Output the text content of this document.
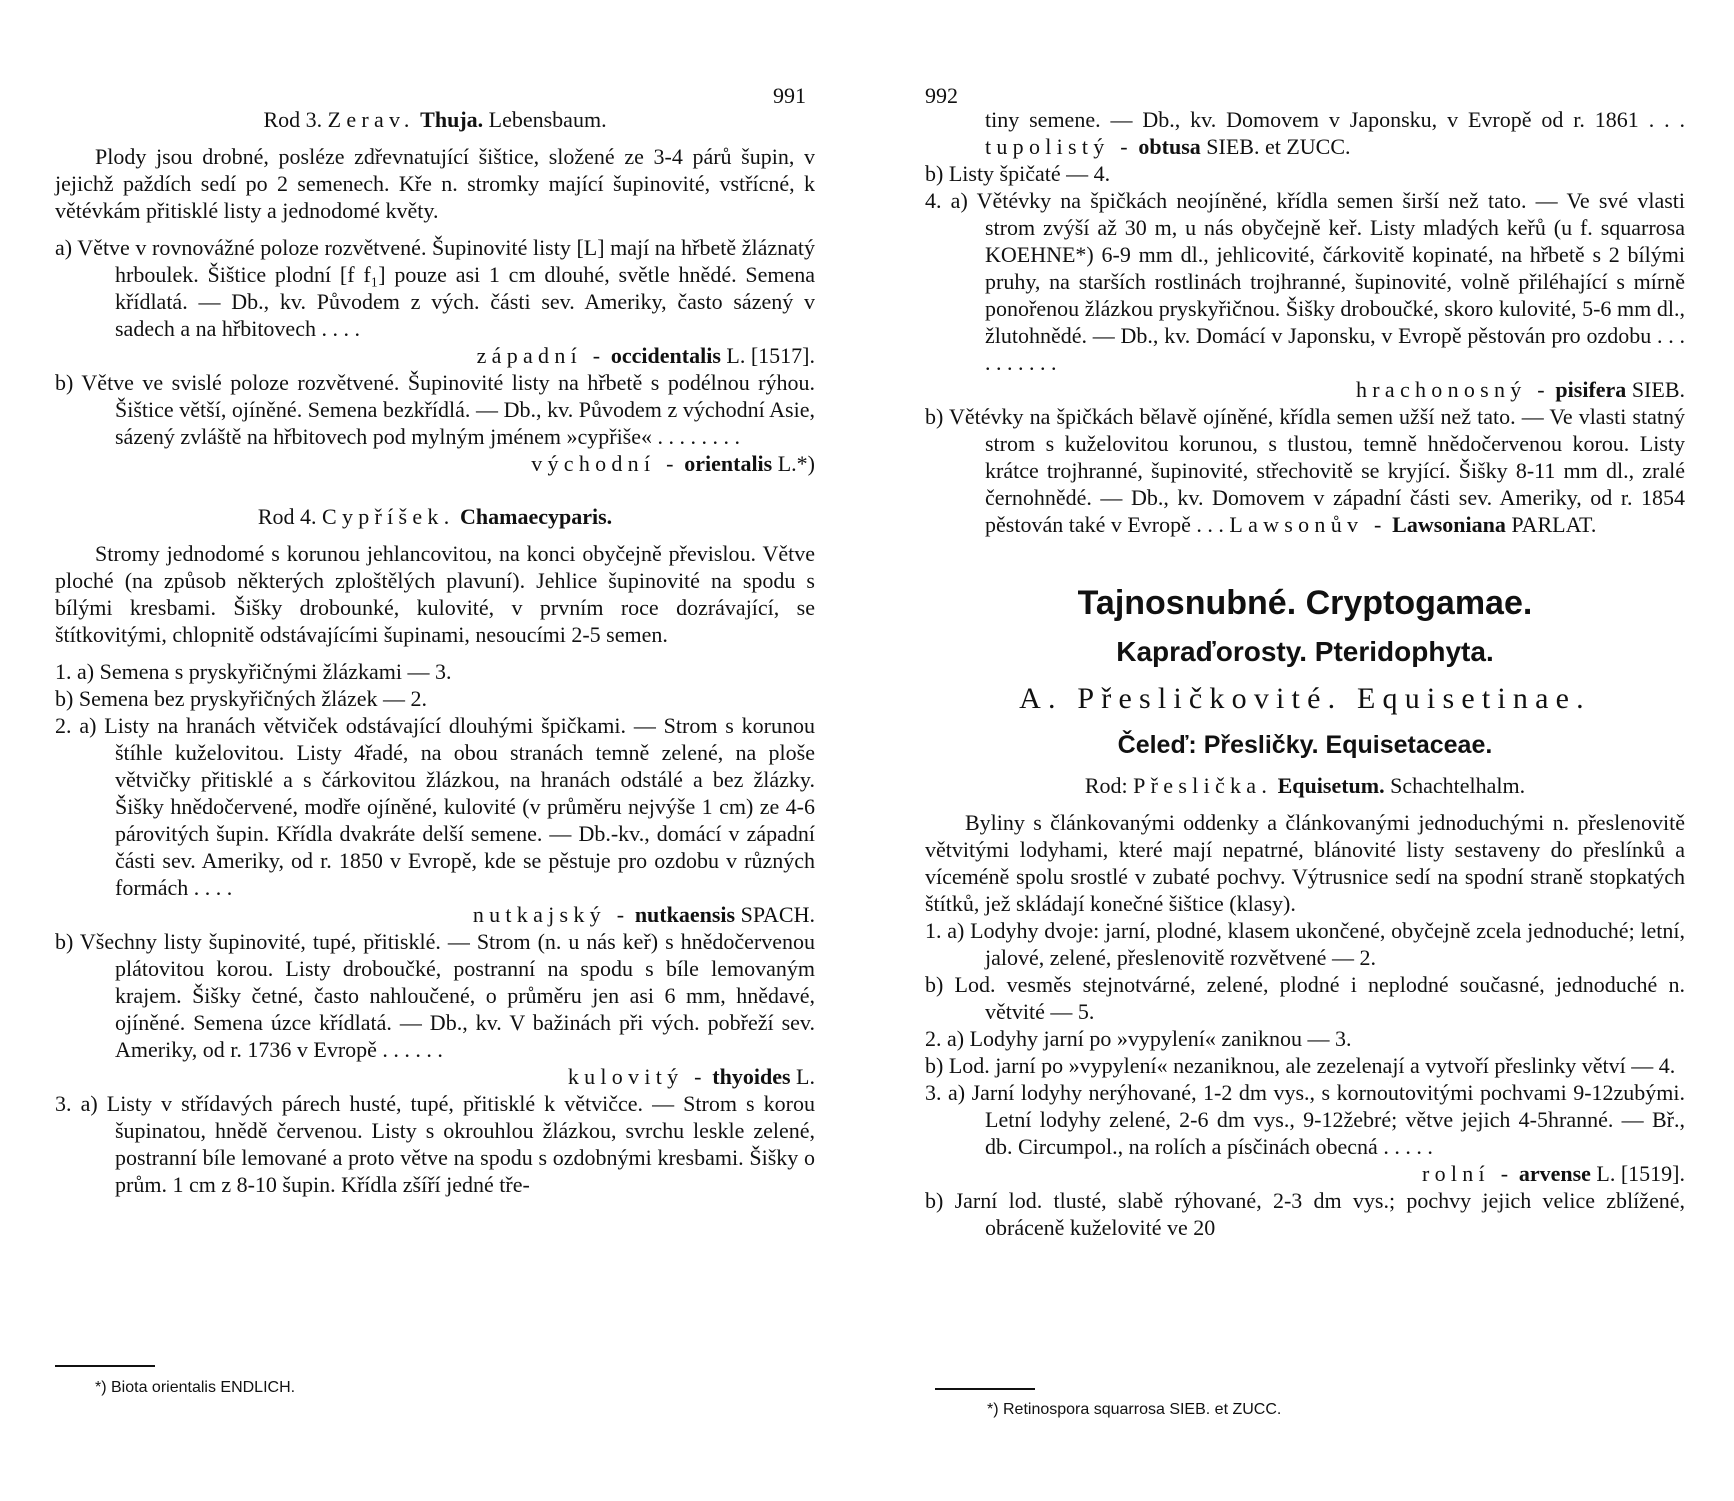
991
Rod 3. Zerav. Thuja. Lebensbaum.

Plody jsou drobné, posléze zdřevnatující šištice, složené ze 3-4 párů šupin, v jejichž paždích sedí po 2 semenech. Kře n. stromky mající šupinovité, vstřícné, k větévkám přitisklé listy a jednodomé květy.

a) Větve v rovnovážné poloze rozvětvené. Šupinovité listy [L] mají na hřbetě žláznatý hrboulek. Šištice plodní [f f₁] pouze asi 1 cm dlouhé, světle hnědé. Semena křídlatá. — Db., kv. Původem z vých. části sev. Ameriky, často sázený v sadech a na hřbitovech . . . .
západní - occidentalis L. [1517].
b) Větve ve svislé poloze rozvětvené. Šupinovité listy na hřbetě s podélnou rýhou. Šištice větší, ojíněné. Semena bezkřídlá. — Db., kv. Původem z východní Asie, sázený zvláště na hřbitovech pod mylným jménem »cypřiše« . . . . . . . .
východní - orientalis L.*)
Rod 4. Cypříšek. Chamaecyparis.

Stromy jednodomé s korunou jehlancovitou, na konci obyčejně převislou. Větve ploché (na způsob některých zploštělých plavuní). Jehlice šupinovité na spodu s bílými kresbami. Šišky drobounké, kulovité, v prvním roce dozrávající, se štítkovitými, chlopnitě odstávajícími šupinami, nesoucími 2-5 semen.

1. a) Semena s pryskyřičnými žlázkami — 3.
b) Semena bez pryskyřičných žlázek — 2.
2. a) Listy na hranách větviček odstávající dlouhými špičkami. — Strom s korunou štíhle kuželovitou. Listy 4řadé, na obou stranách temně zelené, na ploše větvičky přitisklé a s čárkovitou žlázkou, na hranách odstálé a bez žlázky. Šišky hnědočervené, modře ojíněné, kulovité (v průměru nejvýše 1 cm) ze 4-6 párovitých šupin. Křídla dvakráte delší semene. — Db.-kv., domácí v západní části sev. Ameriky, od r. 1850 v Evropě, kde se pěstuje pro ozdobu v různých formách . . . .
nutkajský - nutkaensis SPACH.
b) Všechny listy šupinovité, tupé, přitisklé. — Strom (n. u nás keř) s hnědočervenou plátovitou korou. Listy droboučké, postranní na spodu s bíle lemovaným krajem. Šišky četné, často nahloučené, o průměru jen asi 6 mm, hnědavé, ojíněné. Semena úzce křídlatá. — Db., kv. V bažinách při vých. pobřeží sev. Ameriky, od r. 1736 v Evropě . . . . . .
kulovitý - thyoides L.
3. a) Listy v střídavých párech husté, tupé, přitisklé k větvičce. — Strom s korou šupinatou, hnědě červenou. Listy s okrouhlou žlázkou, svrchu leskle zelené, postranní bíle lemované a proto větve na spodu s ozdobnými kresbami. Šišky o prům. 1 cm z 8-10 šupin. Křídla zšíří jedné tře-
*) Biota orientalis ENDLICH.
992
tiny semene. — Db., kv. Domovem v Japonsku, v Evropě od r. 1861 . . . tupolistý - obtusa SIEB. et ZUCC.
b) Listy špičaté — 4.
4. a) Větévky na špičkách neojíněné, křídla semen širší než tato. — Ve své vlasti strom zvýší až 30 m, u nás obyčejně keř. Listy mladých keřů (u f. squarrosa KOEHNE*) 6-9 mm dl., jehlicovité, čárkovitě kopinaté, na hřbetě s 2 bílými pruhy, na starších rostlinách trojhranné, šupinovité, volně přiléhající s mírně ponořenou žlázkou pryskyřičnou. Šišky droboučké, skoro kulovité, 5-6 mm dl., žlutohnědé. — Db., kv. Domácí v Japonsku, v Evropě pěstován pro ozdobu . . . . . . . . . .
hrachonosný - pisifera SIEB.
b) Větévky na špičkách bělavě ojíněné, křídla semen užší než tato. — Ve vlasti statný strom s kuželovitou korunou, s tlustou, temně hnědočervenou korou. Listy krátce trojhranné, šupinovité, střechovitě se kryjící. Šišky 8-11 mm dl., zralé černohnědé. — Db., kv. Domovem v západní části sev. Ameriky, od r. 1854 pěstován také v Evropě . . . Lawsonův - Lawsoniana PARLAT.
Tajnosnubné. Cryptogamae.
Kapraďorosty. Pteridophyta.
A. Přesličkovité. Equisetinae.
Čeleď: Přesličky. Equisetaceae.
Rod: Přeslička. Equisetum. Schachtelhalm.

Byliny s článkovanými oddenky a článkovanými jednoduchými n. přeslenovitě větvitými lodyhami, které mají nepatrné, blánovité listy sestaveny do přeslínků a víceméně spolu srostlé v zubaté pochvy. Výtrusnice sedí na spodní straně stopkatých štítků, jež skládají konečné šištice (klasy).

1. a) Lodyhy dvoje: jarní, plodné, klasem ukončené, obyčejně zcela jednoduché; letní, jalové, zelené, přeslenovitě rozvětvené — 2.
b) Lod. vesměs stejnotvárné, zelené, plodné i neplodné současné, jednoduché n. větvité — 5.
2. a) Lodyhy jarní po »vypylení« zaniknou — 3.
b) Lod. jarní po »vypylení« nezaniknou, ale zezelenají a vytvoří přeslinky větví — 4.
3. a) Jarní lodyhy nerýhované, 1-2 dm vys., s kornoutovitými pochvami 9-12zubými. Letní lodyhy zelené, 2-6 dm vys., 9-12žebré; větve jejich 4-5hranné. — Bř., db. Circumpol., na rolích a písčinách obecná . . . . .
rolní - arvense L. [1519].
b) Jarní lod. tlusté, slabě rýhované, 2-3 dm vys.; pochvy jejich velice zblížené, obráceně kuželovité ve 20
*) Retinospora squarrosa SIEB. et ZUCC.
